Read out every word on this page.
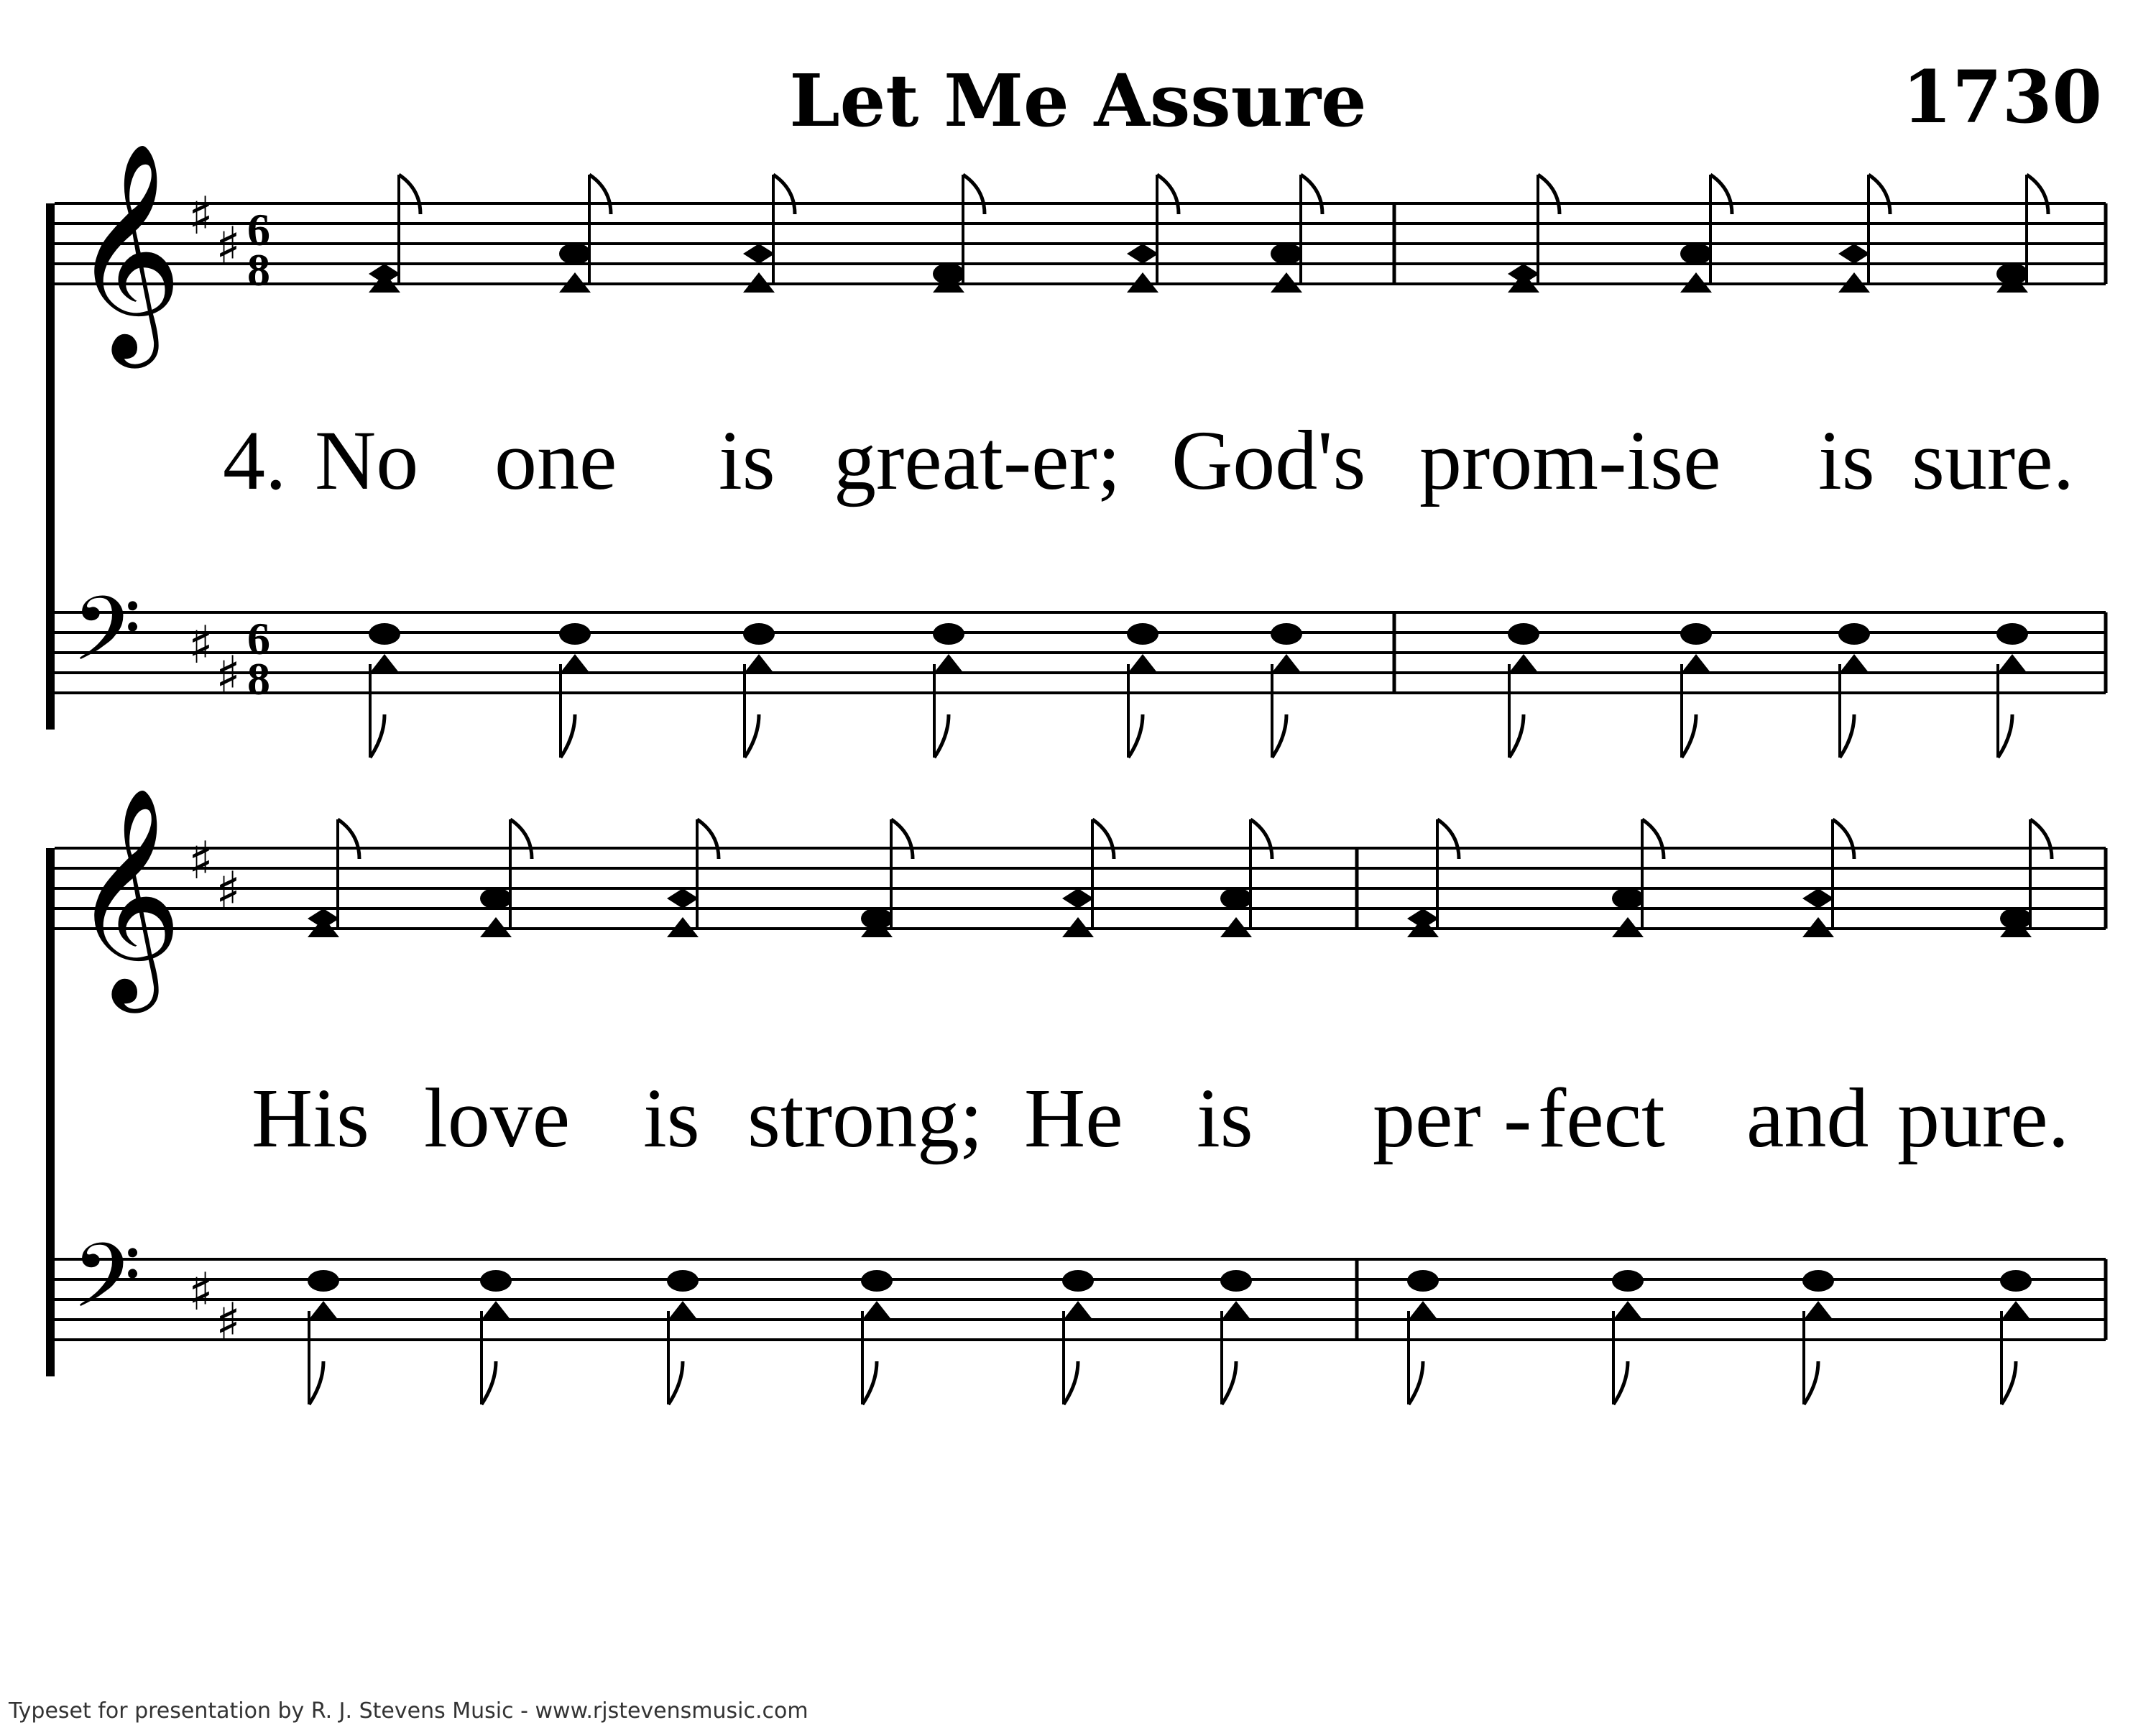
Let Me Assure	1730
4. No one is great-er; God's prom-ise is sure.
His love is strong; He is per - fect and pure.
Typeset for presentation by R. J. Stevens Music - www.rjstevensmusic.com
𝄞 ♯ ♯ 6
8
𝄢 ♯ ♯
6
8
𝄞 ♯ ♯
𝄢 ♯ ♯
